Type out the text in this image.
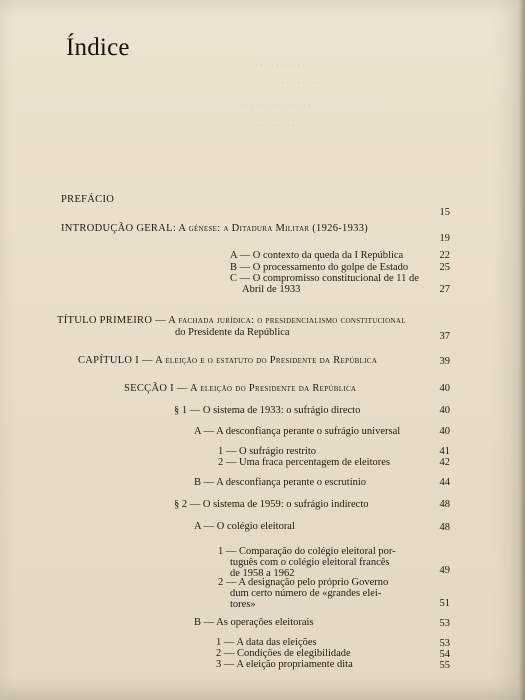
Índice
· · · · · · · · · ·
· · · · · · · · · · · ·
· · · · · · · · · · · · · ·
· · · · · · · · · · · ·
PREFÁCIO
INTRODUÇÃO GERAL: A génese: a Ditadura Militar (1926-1933)
A — O contexto da queda da I República
B — O processamento do golpe de Estado
C — O compromisso constitucional de 11 de
Abril de 1933
TÍTULO PRIMEIRO — A fachada jurídica: o presidencialismo constitucional
do Presidente da República
CAPÍTULO I — A eleição e o estatuto do Presidente da República
SECÇÃO I — A eleição do Presidente da República
§ 1 — O sistema de 1933: o sufrágio directo
A — A desconfiança perante o sufrágio universal
1 — O sufrágio restrito
2 — Uma fraca percentagem de eleitores
B — A desconfiança perante o escrutínio
§ 2 — O sistema de 1959: o sufrágio indirecto
A — O colégio eleitoral
1 — Comparação do colégio eleitoral por-
tuguês com o colégio eleitoral francês
de 1958 a 1962
2 — A designação pelo próprio Governo
dum certo número de «grandes elei-
tores»
B — As operações eleitorais
1 — A data das eleições
2 — Condições de elegibilidade
3 — A eleição propriamente dita
15
19
22
25
27
37
39
40
40
40
41
42
44
48
48
49
51
53
53
54
55
